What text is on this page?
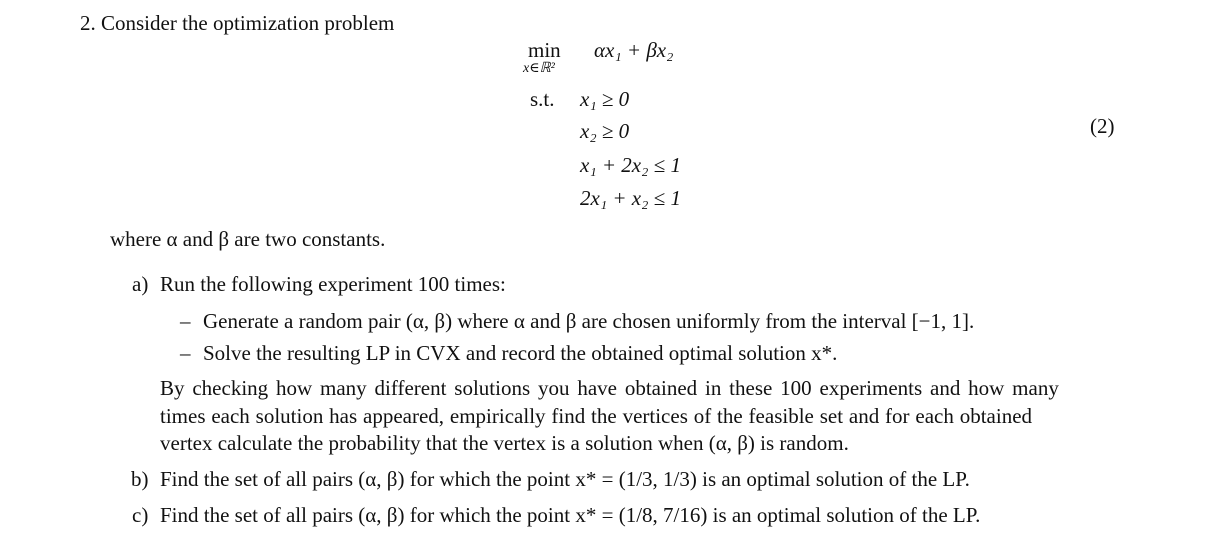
2. Consider the optimization problem
min
x∈ℝ²
αx₁ + βx₂
s.t. x₁ ≥ 0
x₂ ≥ 0
x₁ + 2x₂ ≤ 1
2x₁ + x₂ ≤ 1
(2)
where α and β are two constants.
a) Run the following experiment 100 times:
– Generate a random pair (α, β) where α and β are chosen uniformly from the interval [−1, 1].
– Solve the resulting LP in CVX and record the obtained optimal solution x*.
By checking how many different solutions you have obtained in these 100 experiments and how many
times each solution has appeared, empirically find the vertices of the feasible set and for each obtained
vertex calculate the probability that the vertex is a solution when (α, β) is random.
b) Find the set of all pairs (α, β) for which the point x* = (1/3, 1/3) is an optimal solution of the LP.
c) Find the set of all pairs (α, β) for which the point x* = (1/8, 7/16) is an optimal solution of the LP.
